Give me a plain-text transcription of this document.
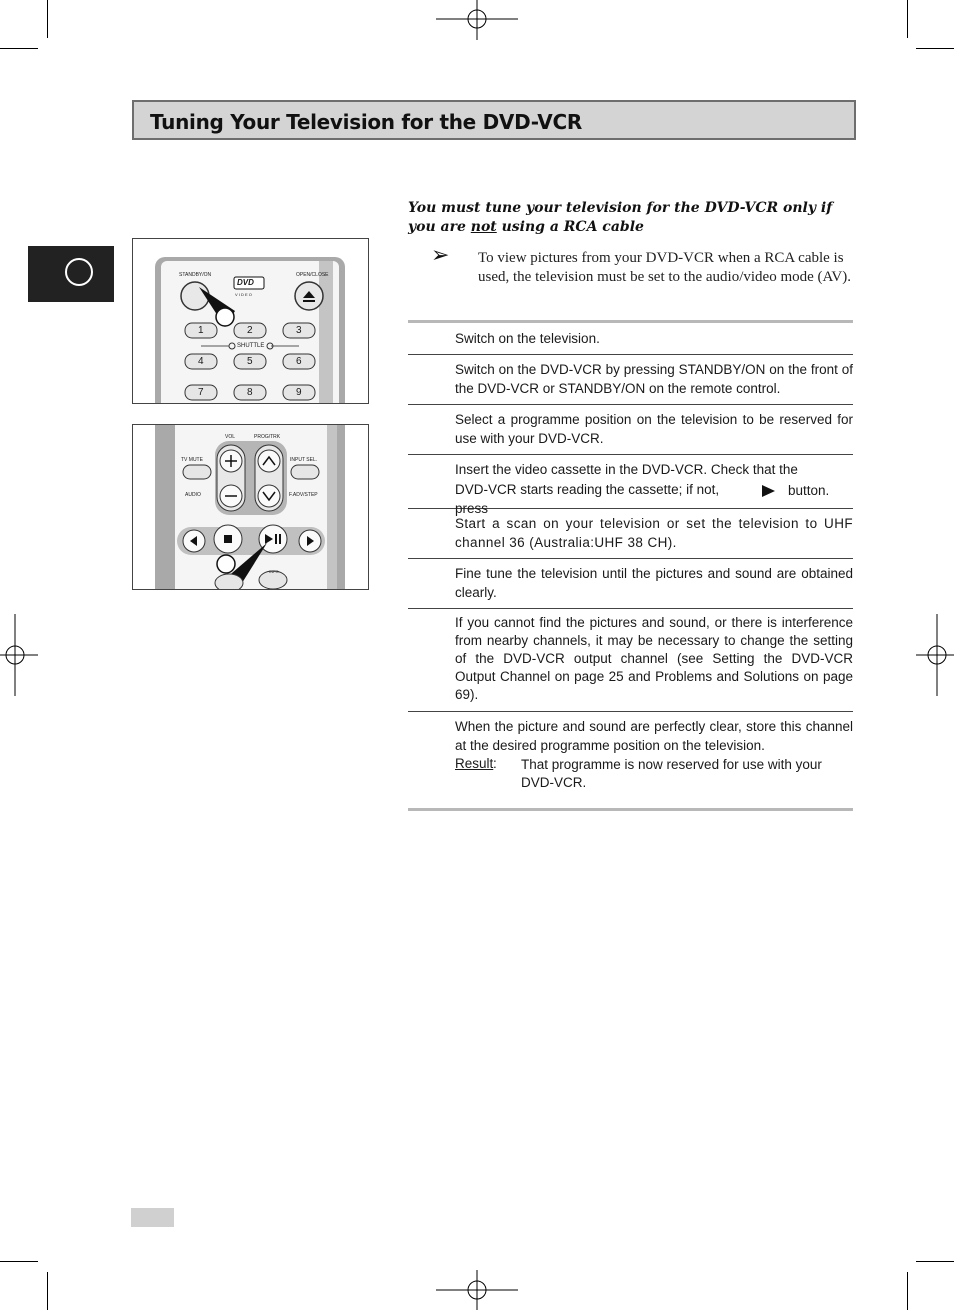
Tuning Your Television for the DVD-VCR
You must tune your television for the DVD-VCR only if you are not using a RCA cable
➢ To view pictures from your DVD-VCR when a RCA cable is used, the television must be set to the audio/video mode (AV).
Switch on the television.
Switch on the DVD-VCR by pressing STANDBY/ON on the front of the DVD-VCR or STANDBY/ON on the remote control.
Select a programme position on the television to be reserved for use with your DVD-VCR.
Insert the video cassette in the DVD-VCR. Check that the
DVD-VCR starts reading the cassette; if not, press
button.
Start a scan on your television or set the television to UHF channel 36 (Australia:UHF 38 CH).
Fine tune the television until the pictures and sound are obtained clearly.
If you cannot find the pictures and sound, or there is interference from nearby channels, it may be necessary to change the setting of the DVD-VCR output channel (see Setting the DVD-VCR Output Channel on page 25 and Problems and Solutions on page 69).
When the picture and sound are perfectly clear, store this channel at the desired programme position on the television.
Result : That programme is now reserved for use with your DVD-VCR.
STANDBY/ON	OPEN/CLOSE
DVD
V I D E O
SHUTTLE
1	2	3
4	5	6
7	8	9
VOL	PROG/TRK
TV MUTE
AUDIO
INPUT SEL.
F.ADV/STEP
INFO
